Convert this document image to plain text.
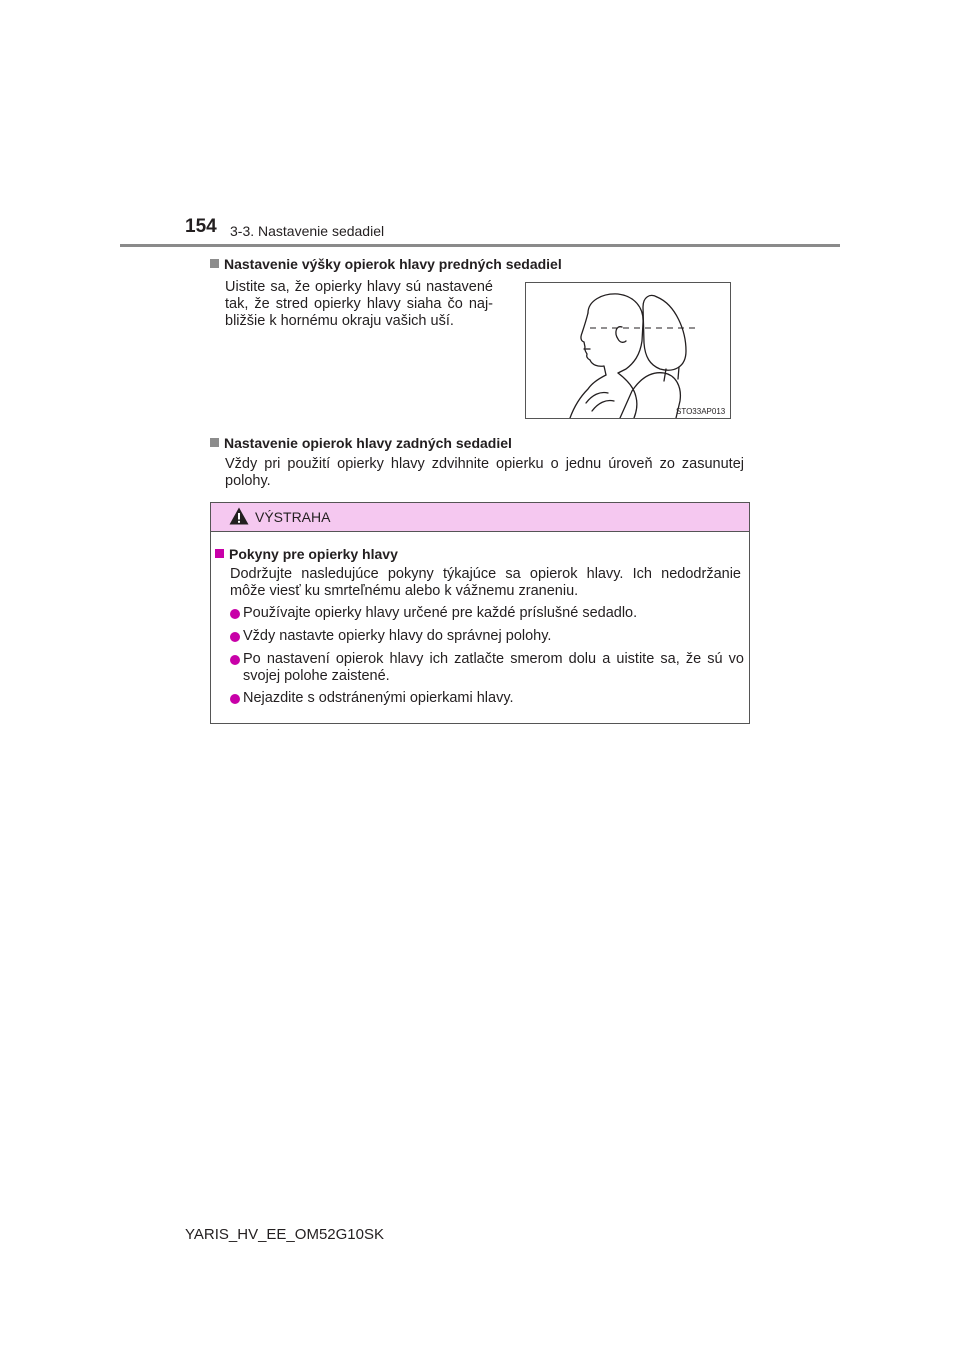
154 3-3. Nastavenie sedadiel
Nastavenie výšky opierok hlavy predných sedadiel
Uistite sa, že opierky hlavy sú nastavené
tak, že stred opierky hlavy siaha čo naj-
bližšie k hornému okraju vašich uší.
STO33AP013
Nastavenie opierok hlavy zadných sedadiel
Vždy pri použití opierky hlavy zdvihnite opierku o jednu úroveň zo zasunutej
polohy.
VÝSTRAHA
Pokyny pre opierky hlavy
Dodržujte nasledujúce pokyny týkajúce sa opierok hlavy. Ich nedodržanie
môže viesť ku smrteľnému alebo k vážnemu zraneniu.
Používajte opierky hlavy určené pre každé príslušné sedadlo.
Vždy nastavte opierky hlavy do správnej polohy.
Po nastavení opierok hlavy ich zatlačte smerom dolu a uistite sa, že sú vo
svojej polohe zaistené.
Nejazdite s odstránenými opierkami hlavy.
YARIS_HV_EE_OM52G10SK
